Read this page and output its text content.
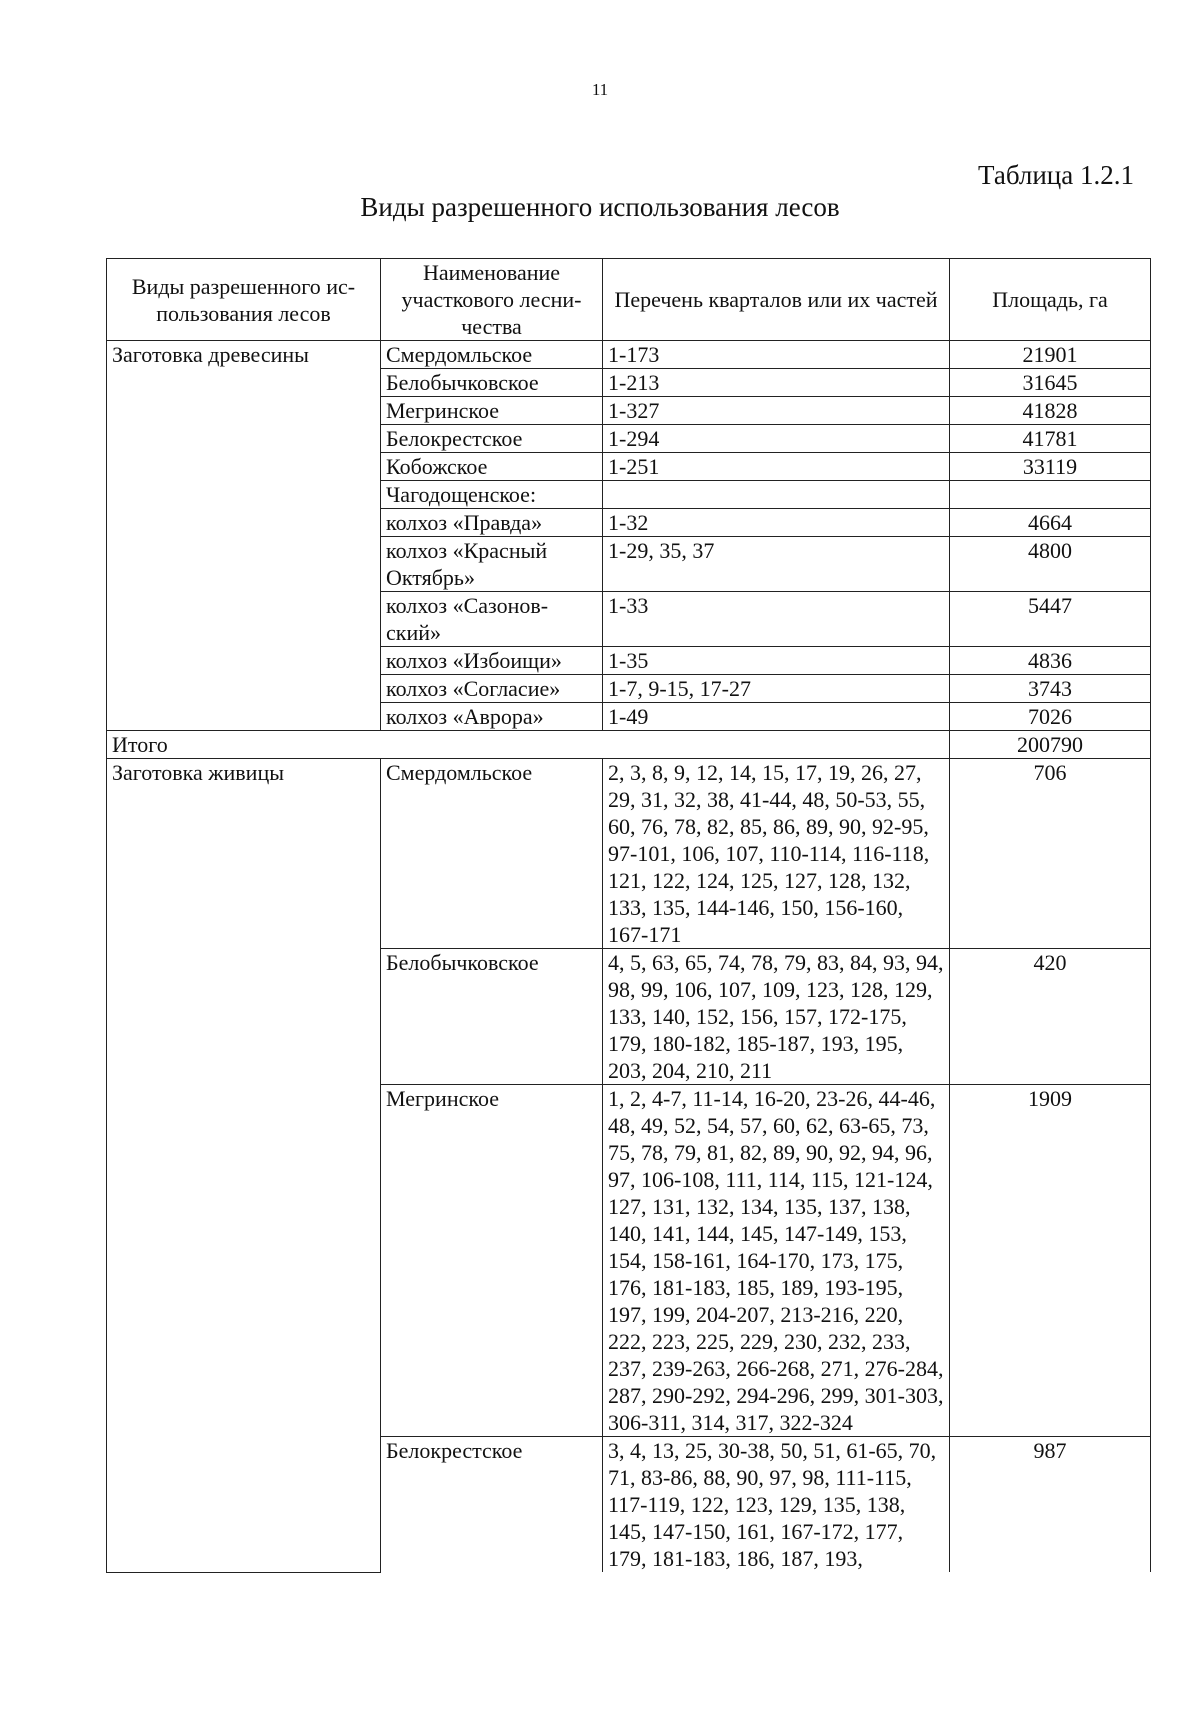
11
Таблица 1.2.1
Виды разрешенного использования лесов
Виды разрешенного ис-пользования лесов	Наименование участкового лесни-чества	Перечень кварталов или их частей	Площадь, га
Заготовка древесины	Смердомльское	1-173	21901
	Белобычковское	1-213	31645
	Мегринское	1-327	41828
	Белокрестское	1-294	41781
	Кобожское	1-251	33119
	Чагодощенское:		
	колхоз «Правда»	1-32	4664
	колхоз «Красный Октябрь»	1-29, 35, 37	4800
	колхоз «Сазонов-ский»	1-33	5447
	колхоз «Избоищи»	1-35	4836
	колхоз «Согласие»	1-7, 9-15, 17-27	3743
	колхоз «Аврора»	1-49	7026
Итого			200790
Заготовка живицы	Смердомльское	2, 3, 8, 9, 12, 14, 15, 17, 19, 26, 27, 29, 31, 32, 38, 41-44, 48, 50-53, 55, 60, 76, 78, 82, 85, 86, 89, 90, 92-95, 97-101, 106, 107, 110-114, 116-118, 121, 122, 124, 125, 127, 128, 132, 133, 135, 144-146, 150, 156-160, 167-171	706
	Белобычковское	4, 5, 63, 65, 74, 78, 79, 83, 84, 93, 94, 98, 99, 106, 107, 109, 123, 128, 129, 133, 140, 152, 156, 157, 172-175, 179, 180-182, 185-187, 193, 195, 203, 204, 210, 211	420
	Мегринское	1, 2, 4-7, 11-14, 16-20, 23-26, 44-46, 48, 49, 52, 54, 57, 60, 62, 63-65, 73, 75, 78, 79, 81, 82, 89, 90, 92, 94, 96, 97, 106-108, 111, 114, 115, 121-124, 127, 131, 132, 134, 135, 137, 138, 140, 141, 144, 145, 147-149, 153, 154, 158-161, 164-170, 173, 175, 176, 181-183, 185, 189, 193-195, 197, 199, 204-207, 213-216, 220, 222, 223, 225, 229, 230, 232, 233, 237, 239-263, 266-268, 271, 276-284, 287, 290-292, 294-296, 299, 301-303, 306-311, 314, 317, 322-324	1909
	Белокрестское	3, 4, 13, 25, 30-38, 50, 51, 61-65, 70, 71, 83-86, 88, 90, 97, 98, 111-115, 117-119, 122, 123, 129, 135, 138, 145, 147-150, 161, 167-172, 177, 179, 181-183, 186, 187, 193,	987
